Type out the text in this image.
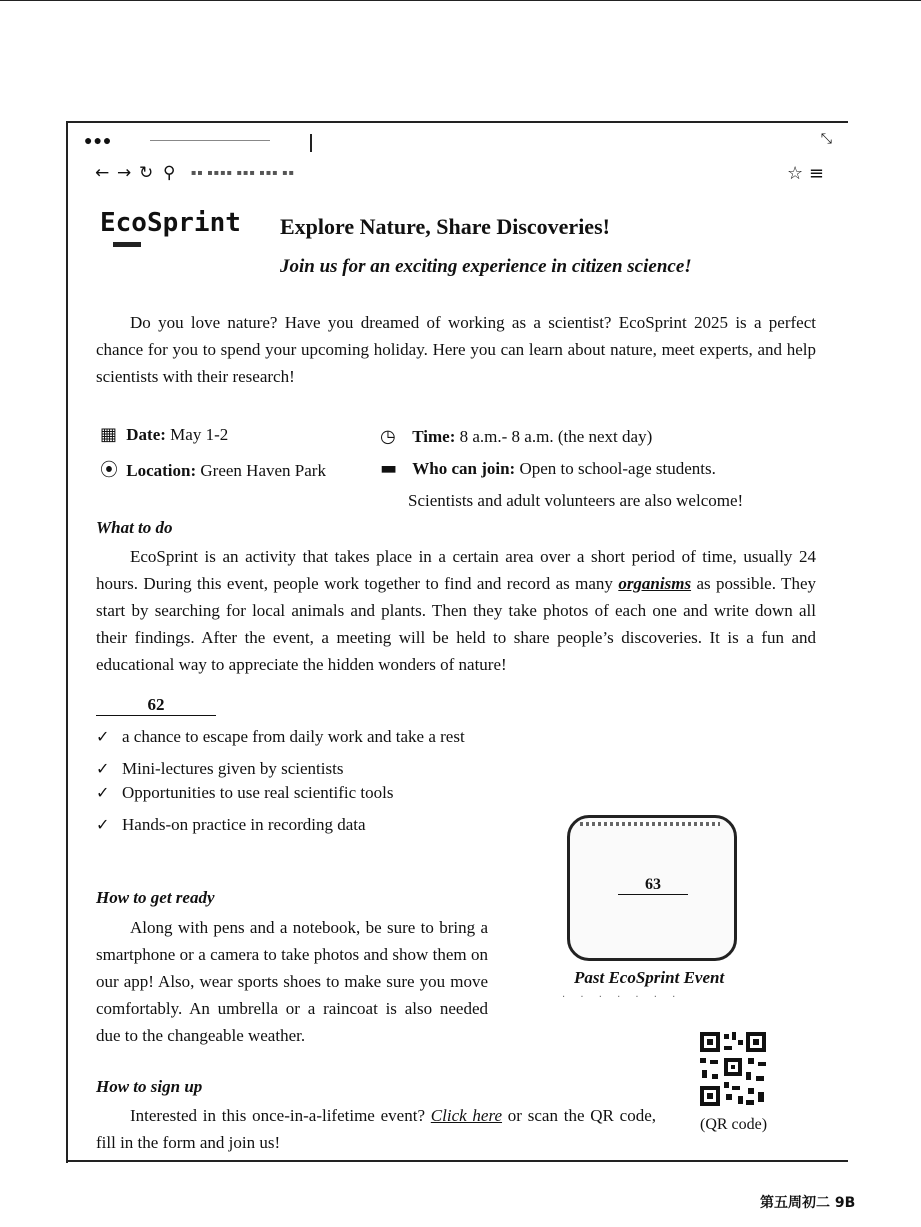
●●●	⤡
← → ↻ ⚲ ▪▪ ▪▪▪▪ ▪▪▪ ▪▪▪ ▪▪	☆ ≡
EcoSprint Explore Nature, Share Discoveries!
Join us for an exciting experience in citizen science!
Do you love nature? Have you dreamed of working as a scientist? EcoSprint 2025 is a perfect chance for you to spend your upcoming holiday. Here you can learn about nature, meet experts, and help scientists with their research!
▦ Date: May 1-2	◷ Time: 8 a.m.- 8 a.m. (the next day)
⦿ Location: Green Haven Park	▬ Who can join: Open to school-age students.
Scientists and adult volunteers are also welcome!
What to do
EcoSprint is an activity that takes place in a certain area over a short period of time, usually 24 hours. During this event, people work together to find and record as many organisms as possible. They start by searching for local animals and plants. Then they take photos of each one and write down all their findings. After the event, a meeting will be held to share people’s discoveries. It is a fun and educational way to appreciate the hidden wonders of nature!
62
✓ a chance to escape from daily work and take a rest
✓ Mini-lectures given by scientists
✓ Opportunities to use real scientific tools
✓ Hands-on practice in recording data
How to get ready
Along with pens and a notebook, be sure to bring a smartphone or a camera to take photos and show them on our app! Also, wear sports shoes to make sure you move comfortably. An umbrella or a raincoat is also needed due to the changeable weather.
63
Past EcoSprint Event
· · · · · · ·
How to sign up
Interested in this once-in-a-lifetime event? Click here or scan the QR code, fill in the form and join us!
(QR code)
第五周初二 9B
